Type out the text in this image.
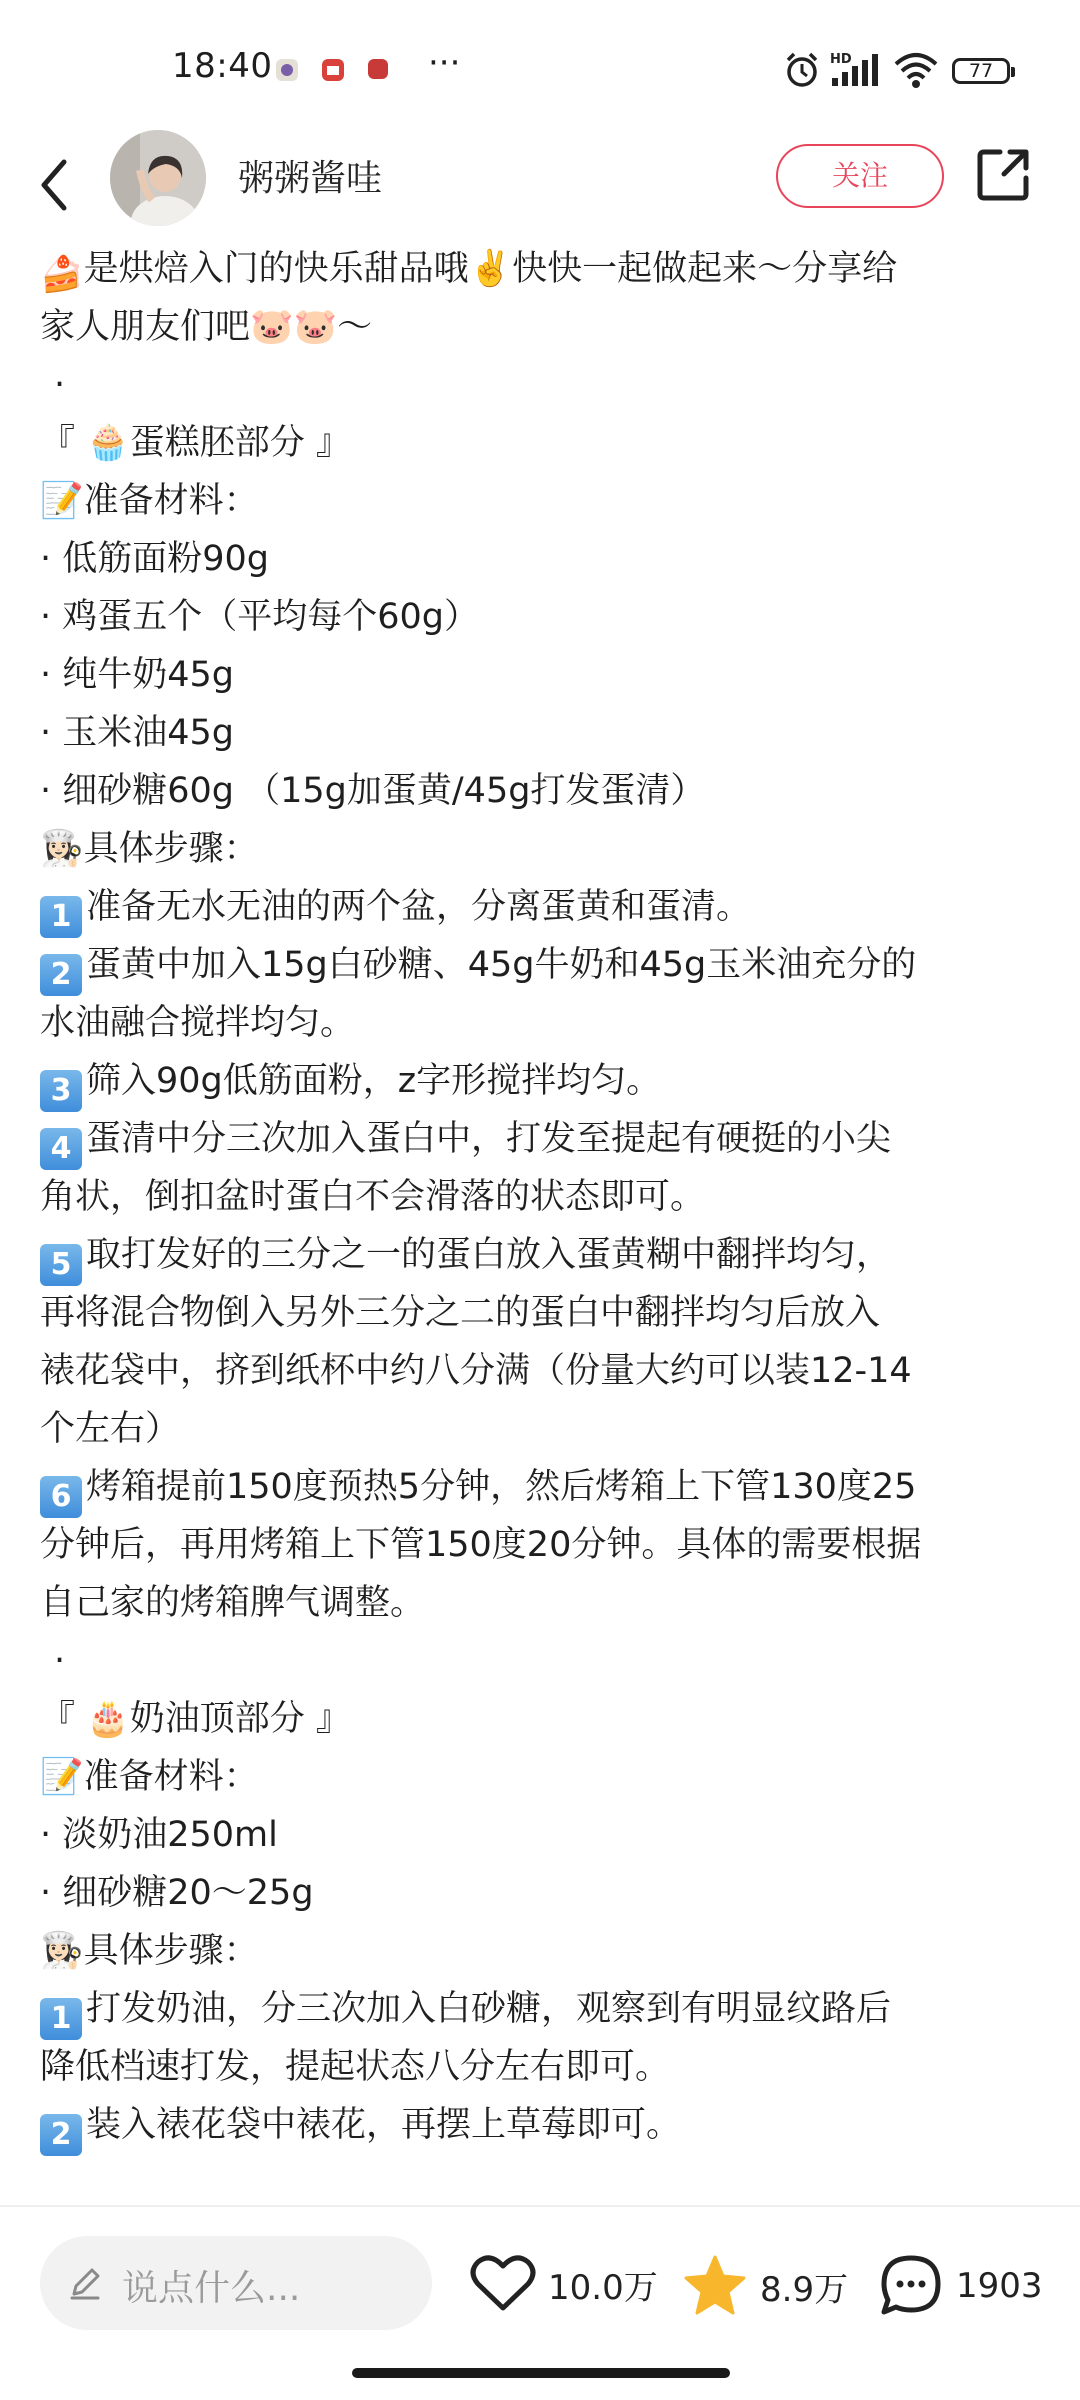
18:40	···	HD
77
粥粥酱哇	关注
🍰是烘焙入门的快乐甜品哦✌️快快一起做起来～分享给
家人朋友们吧🐷🐷～
·
『 🧁蛋糕胚部分 』
📝准备材料：
· 低筋面粉90g
· 鸡蛋五个（平均每个60g）
· 纯牛奶45g
· 玉米油45g
· 细砂糖60g （15g加蛋黄/45g打发蛋清）
👩🏻‍🍳具体步骤：
1 准备无水无油的两个盆，分离蛋黄和蛋清。
2 蛋黄中加入15g白砂糖、45g牛奶和45g玉米油充分的
水油融合搅拌均匀。
3 筛入90g低筋面粉，z字形搅拌均匀。
4 蛋清中分三次加入蛋白中，打发至提起有硬挺的小尖
角状，倒扣盆时蛋白不会滑落的状态即可。
5 取打发好的三分之一的蛋白放入蛋黄糊中翻拌均匀，
再将混合物倒入另外三分之二的蛋白中翻拌均匀后放入
裱花袋中，挤到纸杯中约八分满（份量大约可以装12-14
个左右）
6 烤箱提前150度预热5分钟，然后烤箱上下管130度25
分钟后，再用烤箱上下管150度20分钟。具体的需要根据
自己家的烤箱脾气调整。
·
『 🎂奶油顶部分 』
📝准备材料：
· 淡奶油250ml
· 细砂糖20～25g
👩🏻‍🍳具体步骤：
1 打发奶油，分三次加入白砂糖，观察到有明显纹路后
降低档速打发，提起状态八分左右即可。
2 装入裱花袋中裱花，再摆上草莓即可。
说点什么...	10.0万	8.9万	1903
